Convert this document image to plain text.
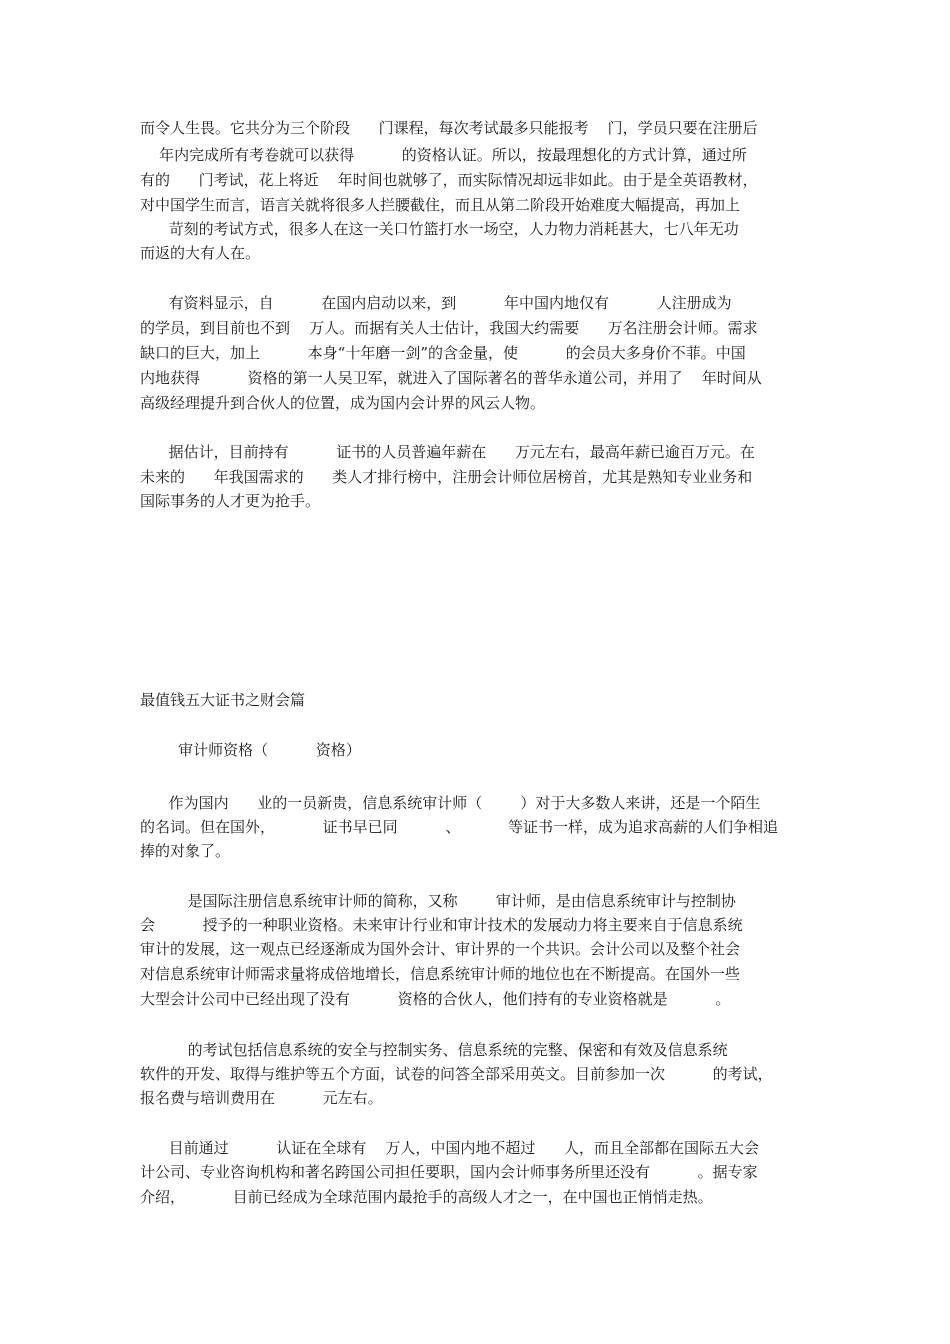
而令人生畏。它共分为三个阶段      门课程，每次考试最多只能报考    门，学员只要在注册后
年内完成所有考卷就可以获得          的资格认证。所以，按最理想化的方式计算，通过所
有的      门考试，花上将近    年时间也就够了，而实际情况却远非如此。由于是全英语教材，
对中国学生而言，语言关就将很多人拦腰截住，而且从第二阶段开始难度大幅提高，再加上
苛刻的考试方式，很多人在这一关口竹篮打水一场空，人力物力消耗甚大，七八年无功
而返的大有人在。
有资料显示，自          在国内启动以来，到          年中国内地仅有          人注册成为
的学员，到目前也不到    万人。而据有关人士估计，我国大约需要      万名注册会计师。需求
缺口的巨大，加上          本身“十年磨一剑”的含金量，使          的会员大多身价不菲。中国
内地获得          资格的第一人吴卫军，就进入了国际著名的普华永道公司，并用了    年时间从
高级经理提升到合伙人的位置，成为国内会计界的风云人物。
据估计，目前持有          证书的人员普遍年薪在      万元左右，最高年薪已逾百万元。在
未来的      年我国需求的      类人才排行榜中，注册会计师位居榜首，尤其是熟知专业业务和
国际事务的人才更为抢手。
最值钱五大证书之财会篇
审计师资格（          资格）
作为国内      业的一员新贵，信息系统审计师（        ）对于大多数人来讲，还是一个陌生
的名词。但在国外，          证书早已同          、          等证书一样，成为追求高薪的人们争相追
捧的对象了。
是国际注册信息系统审计师的简称，又称        审计师，是由信息系统审计与控制协
会          授予的一种职业资格。未来审计行业和审计技术的发展动力将主要来自于信息系统
审计的发展，这一观点已经逐渐成为国外会计、审计界的一个共识。会计公司以及整个社会
对信息系统审计师需求量将成倍地增长，信息系统审计师的地位也在不断提高。在国外一些
大型会计公司中已经出现了没有          资格的合伙人，他们持有的专业资格就是          。
的考试包括信息系统的安全与控制实务、信息系统的完整、保密和有效及信息系统
软件的开发、取得与维护等五个方面，试卷的问答全部采用英文。目前参加一次          的考试，
报名费与培训费用在          元左右。
目前通过          认证在全球有    万人，中国内地不超过      人，而且全部都在国际五大会
计公司、专业咨询机构和著名跨国公司担任要职，国内会计师事务所里还没有          。据专家
介绍，          目前已经成为全球范围内最抢手的高级人才之一，在中国也正悄悄走热。
